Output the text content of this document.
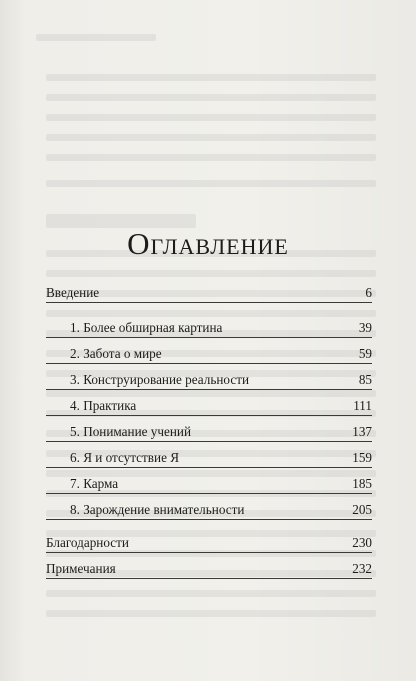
Оглавление
Введение	6
1. Более обширная картина	39
2. Забота о мире	59
3. Конструирование реальности	85
4. Практика	111
5. Понимание учений	137
6. Я и отсутствие Я	159
7. Карма	185
8. Зарождение внимательности	205
Благодарности	230
Примечания	232
